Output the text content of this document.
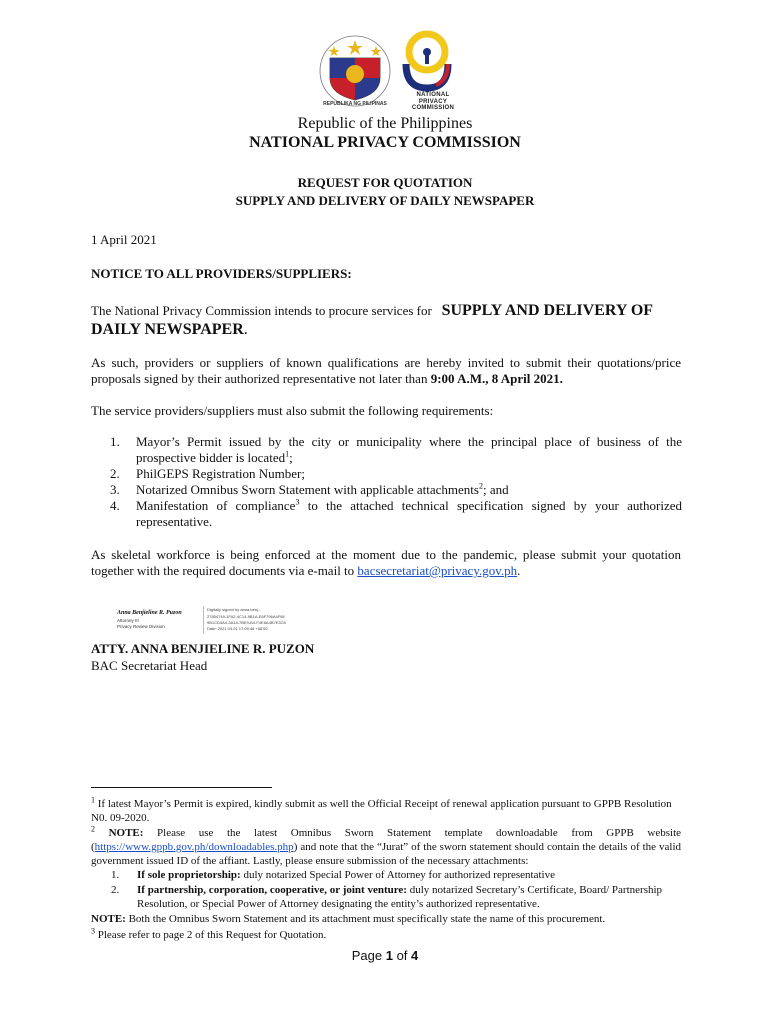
REPUBLIKA NG PILIPINAS
NATIONAL
PRIVACY
COMMISSION
Republic of the Philippines
NATIONAL PRIVACY COMMISSION
REQUEST FOR QUOTATION
SUPPLY AND DELIVERY OF DAILY NEWSPAPER
1 April 2021
NOTICE TO ALL PROVIDERS/SUPPLIERS:
The National Privacy Commission intends to procure services for SUPPLY AND DELIVERY OF
DAILY NEWSPAPER.
As such, providers or suppliers of known qualifications are hereby invited to submit their quotations/price proposals signed by their authorized representative not later than 9:00 A.M., 8 April 2021.
The service providers/suppliers must also submit the following requirements:
1. Mayor’s Permit issued by the city or municipality where the principal place of business of the prospective bidder is located$^1$;
2. PhilGEPS Registration Number;
3. Notarized Omnibus Sworn Statement with applicable attachments$^2$; and
4. Manifestation of compliance$^3$ to the attached technical specification signed by your authorized representative.
As skeletal workforce is being enforced at the moment due to the pandemic, please submit your quotation together with the required documents via e-mail to bacsecretariat@privacy.gov.ph.
Anna Benjieline R. Puzon
Attorney III
Privacy Review Division
Digitally signed by anna.benj...
27854749-1FA2-4C14-9B1A-E6F796A4F98
9B1CD4A4-3A14-7BE9-B4-F4E6A4B7E3C8
Date: 2021.04.01 17:09:46 +08'00'
ATTY. ANNA BENJIELINE R. PUZON
BAC Secretariat Head
$^1$ If latest Mayor’s Permit is expired, kindly submit as well the Official Receipt of renewal application pursuant to GPPB Resolution N0. 09-2020.
$^2$ NOTE: Please use the latest Omnibus Sworn Statement template downloadable from GPPB website (https://www.gppb.gov.ph/downloadables.php) and note that the “Jurat” of the sworn statement should contain the details of the valid government issued ID of the affiant. Lastly, please ensure submission of the necessary attachments:
1. If sole proprietorship: duly notarized Special Power of Attorney for authorized representative
2. If partnership, corporation, cooperative, or joint venture: duly notarized Secretary’s Certificate, Board/ Partnership Resolution, or Special Power of Attorney designating the entity’s authorized representative.
NOTE: Both the Omnibus Sworn Statement and its attachment must specifically state the name of this procurement.
$^3$ Please refer to page 2 of this Request for Quotation.
Page 1 of 4
